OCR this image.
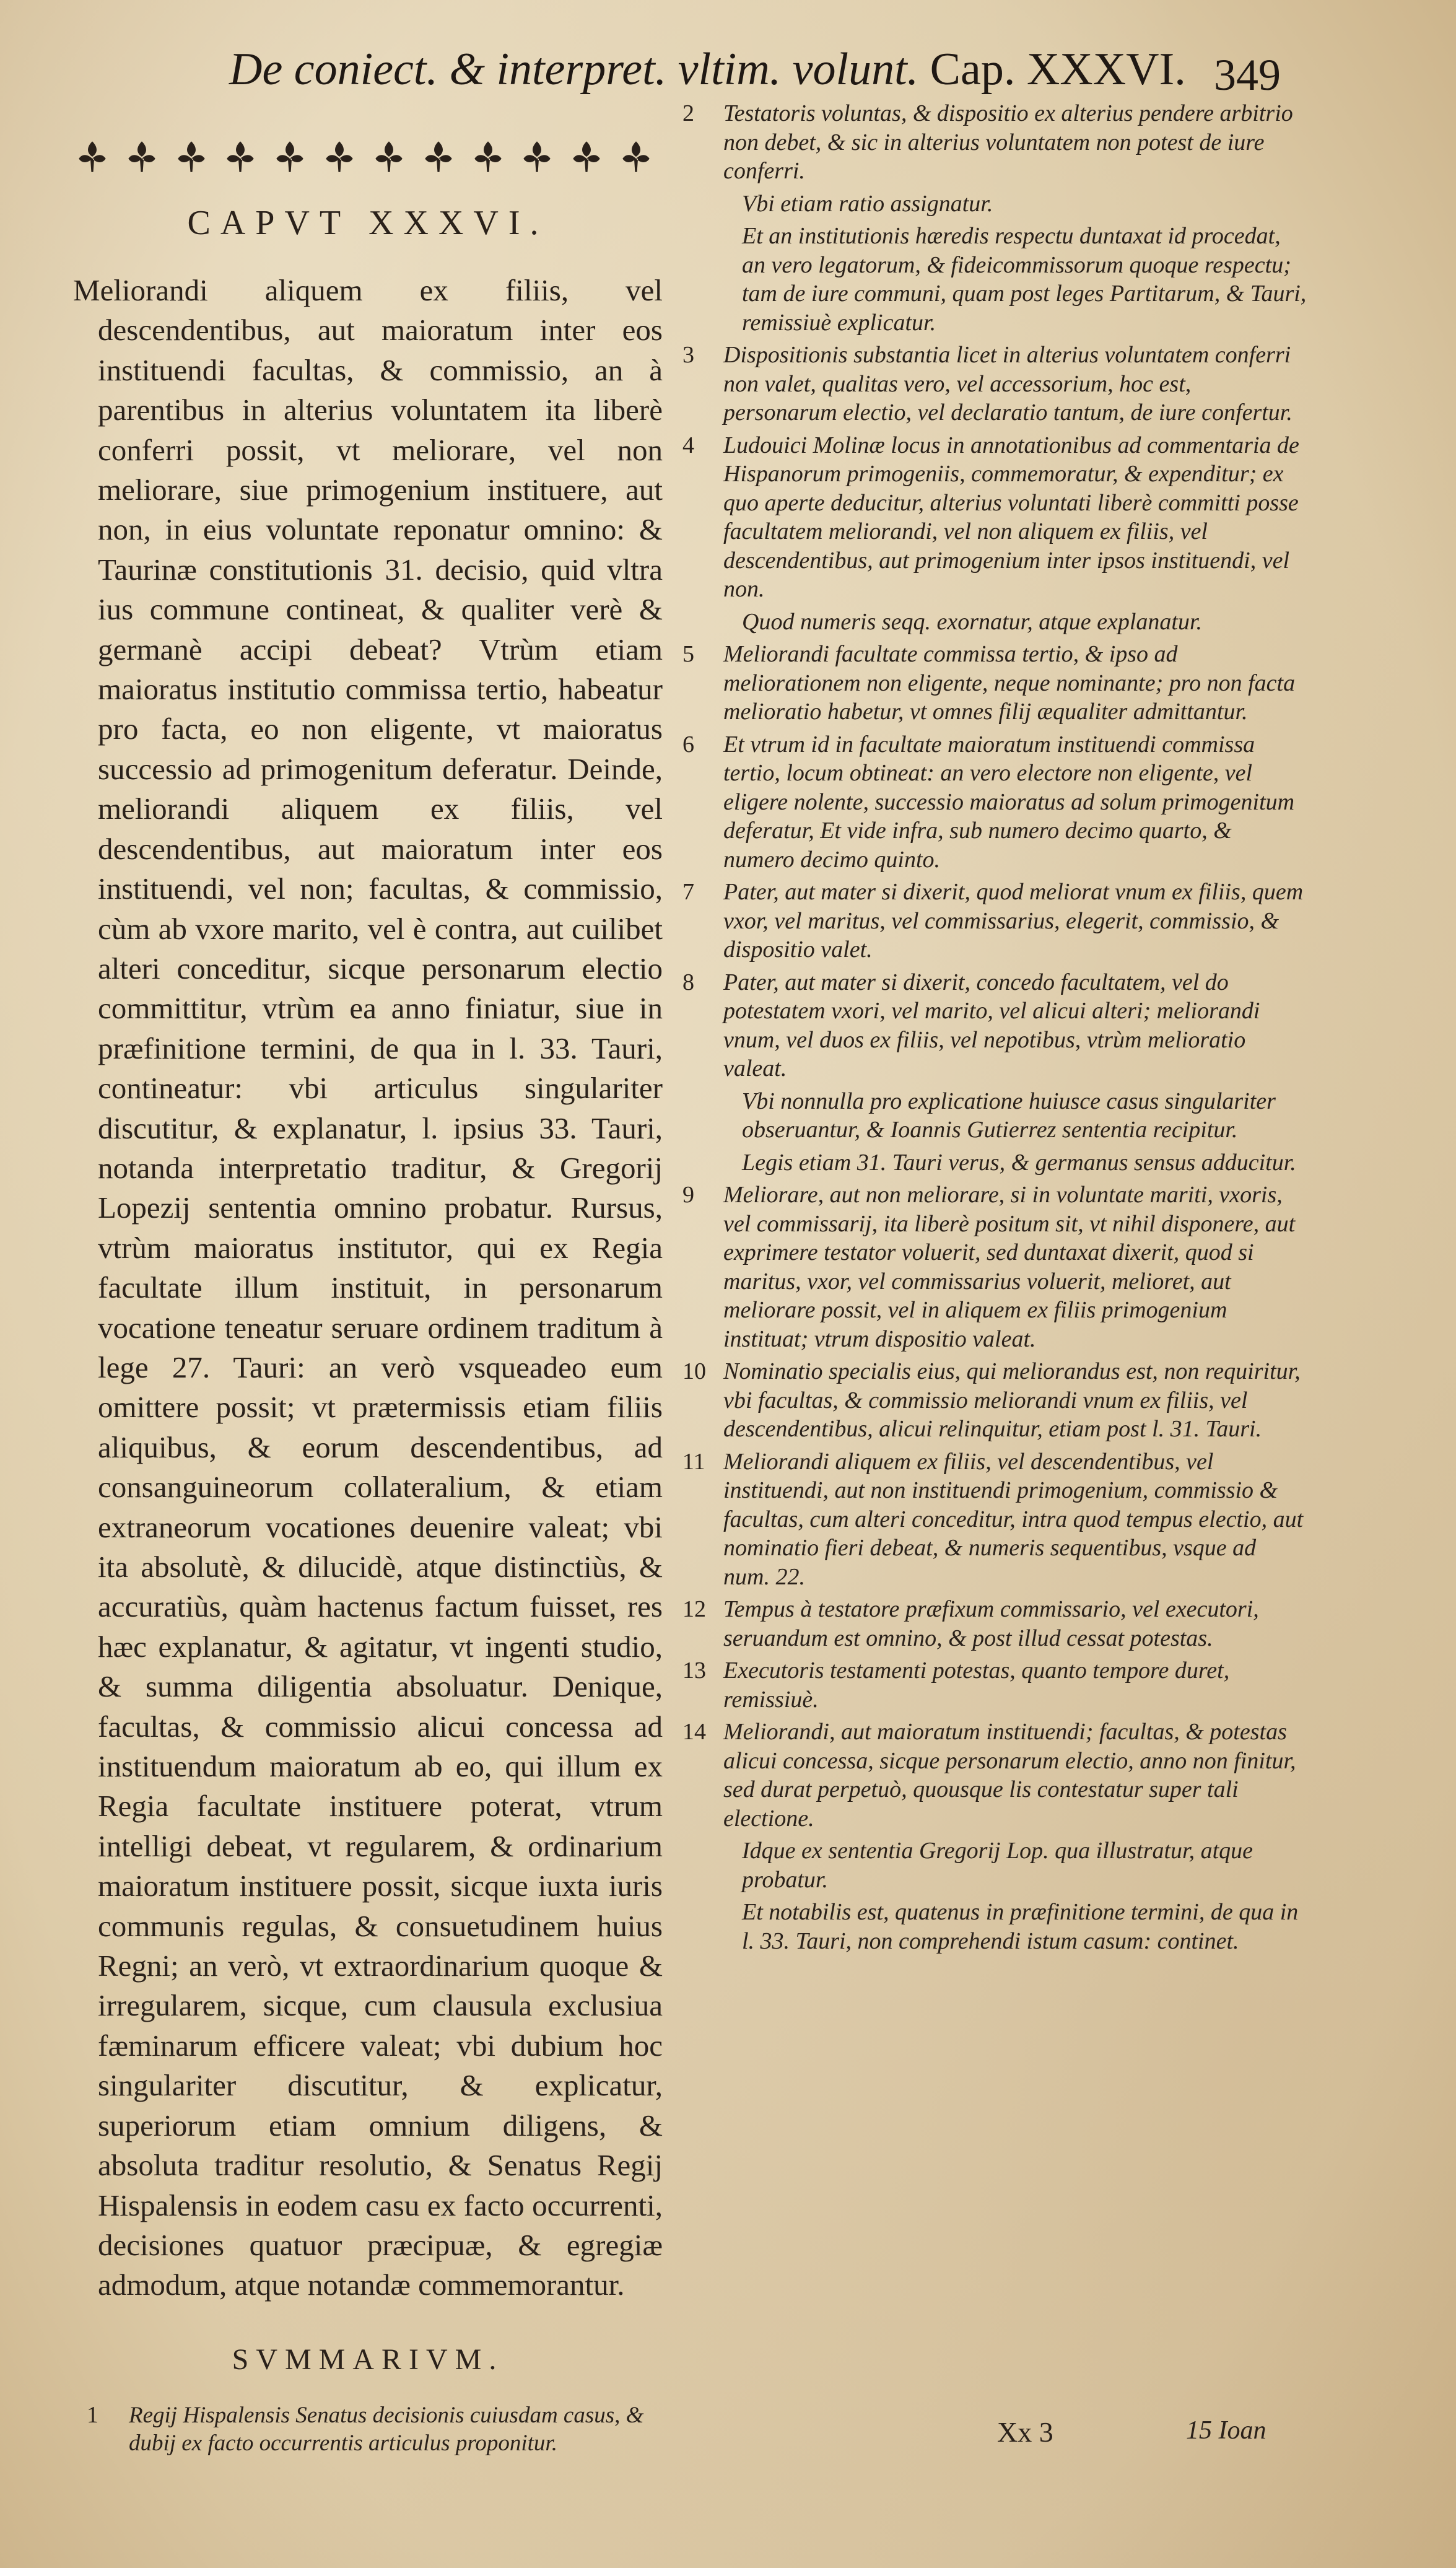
De coniect. & interpret. vltim. volunt. Cap. XXXVI. 349
CAPVT XXXVI.

Meliorandi aliquem ex filiis, vel descendentibus, aut maioratum inter eos instituendi facultas, & commissio, an à parentibus in alterius voluntatem ita liberè conferri possit, vt meliorare, vel non meliorare, siue primogenium instituere, aut non, in eius voluntate reponatur omnino: & Taurinæ constitutionis 31. decisio, quid vltra ius commune contineat, & qualiter verè & germanè accipi debeat? Vtrùm etiam maioratus institutio commissa tertio, habeatur pro facta, eo non eligente, vt maioratus successio ad primogenitum deferatur. Deinde, meliorandi aliquem ex filiis, vel descendentibus, aut maioratum inter eos instituendi, vel non; facultas, & commissio, cùm ab vxore marito, vel è contra, aut cuilibet alteri conceditur, sicque personarum electio committitur, vtrùm ea anno finiatur, siue in præfinitione termini, de qua in l. 33. Tauri, contineatur: vbi articulus singulariter discutitur, & explanatur, l. ipsius 33. Tauri, notanda interpretatio traditur, & Gregorij Lopezij sententia omnino probatur. Rursus, vtrùm maioratus institutor, qui ex Regia facultate illum instituit, in personarum vocatione teneatur seruare ordinem traditum à lege 27. Tauri: an verò vsqueadeo eum omittere possit; vt prætermissis etiam filiis aliquibus, & eorum descendentibus, ad consanguineorum collateralium, & etiam extraneorum vocationes deuenire valeat; vbi ita absolutè, & dilucidè, atque distinctiùs, & accuratiùs, quàm hactenus factum fuisset, res hæc explanatur, & agitatur, vt ingenti studio, & summa diligentia absoluatur. Denique, facultas, & commissio alicui concessa ad instituendum maioratum ab eo, qui illum ex Regia facultate instituere poterat, vtrum intelligi debeat, vt regularem, & ordinarium maioratum instituere possit, sicque iuxta iuris communis regulas, & consuetudinem huius Regni; an verò, vt extraordinarium quoque & irregularem, sicque, cum clausula exclusiua fæminarum efficere valeat; vbi dubium hoc singulariter discutitur, & explicatur, superiorum etiam omnium diligens, & absoluta traditur resolutio, & Senatus Regij Hispalensis in eodem casu ex facto occurrenti, decisiones quatuor præcipuæ, & egregiæ admodum, atque notandæ commemorantur.

SVMMARIVM.
1 Regij Hispalensis Senatus decisionis cuiusdam casus, & dubij ex facto occurrentis articulus proponitur.
2 Testatoris voluntas, & dispositio ex alterius pendere arbitrio non debet, & sic in alterius voluntatem non potest de iure conferri.
Vbi etiam ratio assignatur.
Et an institutionis hæredis respectu duntaxat id procedat, an vero legatorum, & fideicommissorum quoque respectu; tam de iure communi, quam post leges Partitarum, & Tauri, remissiuè explicatur.
3 Dispositionis substantia licet in alterius voluntatem conferri non valet, qualitas vero, vel accessorium, hoc est, personarum electio, vel declaratio tantum, de iure confertur.
4 Ludouici Molinæ locus in annotationibus ad commentaria de Hispanorum primogeniis, commemoratur, & expenditur; ex quo aperte deducitur, alterius voluntati liberè committi posse facultatem meliorandi, vel non aliquem ex filiis, vel descendentibus, aut primogenium inter ipsos instituendi, vel non.
Quod numeris seqq. exornatur, atque explanatur.
5 Meliorandi facultate commissa tertio, & ipso ad meliorationem non eligente, neque nominante; pro non facta melioratio habetur, vt omnes filij æqualiter admittantur.
6 Et vtrum id in facultate maioratum instituendi commissa tertio, locum obtineat: an vero electore non eligente, vel eligere nolente, successio maioratus ad solum primogenitum deferatur, Et vide infra, sub numero decimo quarto, & numero decimo quinto.
7 Pater, aut mater si dixerit, quod meliorat vnum ex filiis, quem vxor, vel maritus, vel commissarius, elegerit, commissio, & dispositio valet.
8 Pater, aut mater si dixerit, concedo facultatem, vel do potestatem vxori, vel marito, vel alicui alteri; meliorandi vnum, vel duos ex filiis, vel nepotibus, vtrùm melioratio valeat.
Vbi nonnulla pro explicatione huiusce casus singulariter obseruantur, & Ioannis Gutierrez sententia recipitur.
Legis etiam 31. Tauri verus, & germanus sensus adducitur.
9 Meliorare, aut non meliorare, si in voluntate mariti, vxoris, vel commissarij, ita liberè positum sit, vt nihil disponere, aut exprimere testator voluerit, sed duntaxat dixerit, quod si maritus, vxor, vel commissarius voluerit, melioret, aut meliorare possit, vel in aliquem ex filiis primogenium instituat; vtrum dispositio valeat.
10 Nominatio specialis eius, qui meliorandus est, non requiritur, vbi facultas, & commissio meliorandi vnum ex filiis, vel descendentibus, alicui relinquitur, etiam post l. 31. Tauri.
11 Meliorandi aliquem ex filiis, vel descendentibus, vel instituendi, aut non instituendi primogenium, commissio & facultas, cum alteri conceditur, intra quod tempus electio, aut nominatio fieri debeat, & numeris sequentibus, vsque ad num. 22.
12 Tempus à testatore præfixum commissario, vel executori, seruandum est omnino, & post illud cessat potestas.
13 Executoris testamenti potestas, quanto tempore duret, remissiuè.
14 Meliorandi, aut maioratum instituendi; facultas, & potestas alicui concessa, sicque personarum electio, anno non finitur, sed durat perpetuò, quousque lis contestatur super tali electione.
Idque ex sententia Gregorij Lop. qua illustratur, atque probatur.
Et notabilis est, quatenus in præfinitione termini, de qua in l. 33. Tauri, non comprehendi istum casum: continet.
Xx 3	15 Ioan
